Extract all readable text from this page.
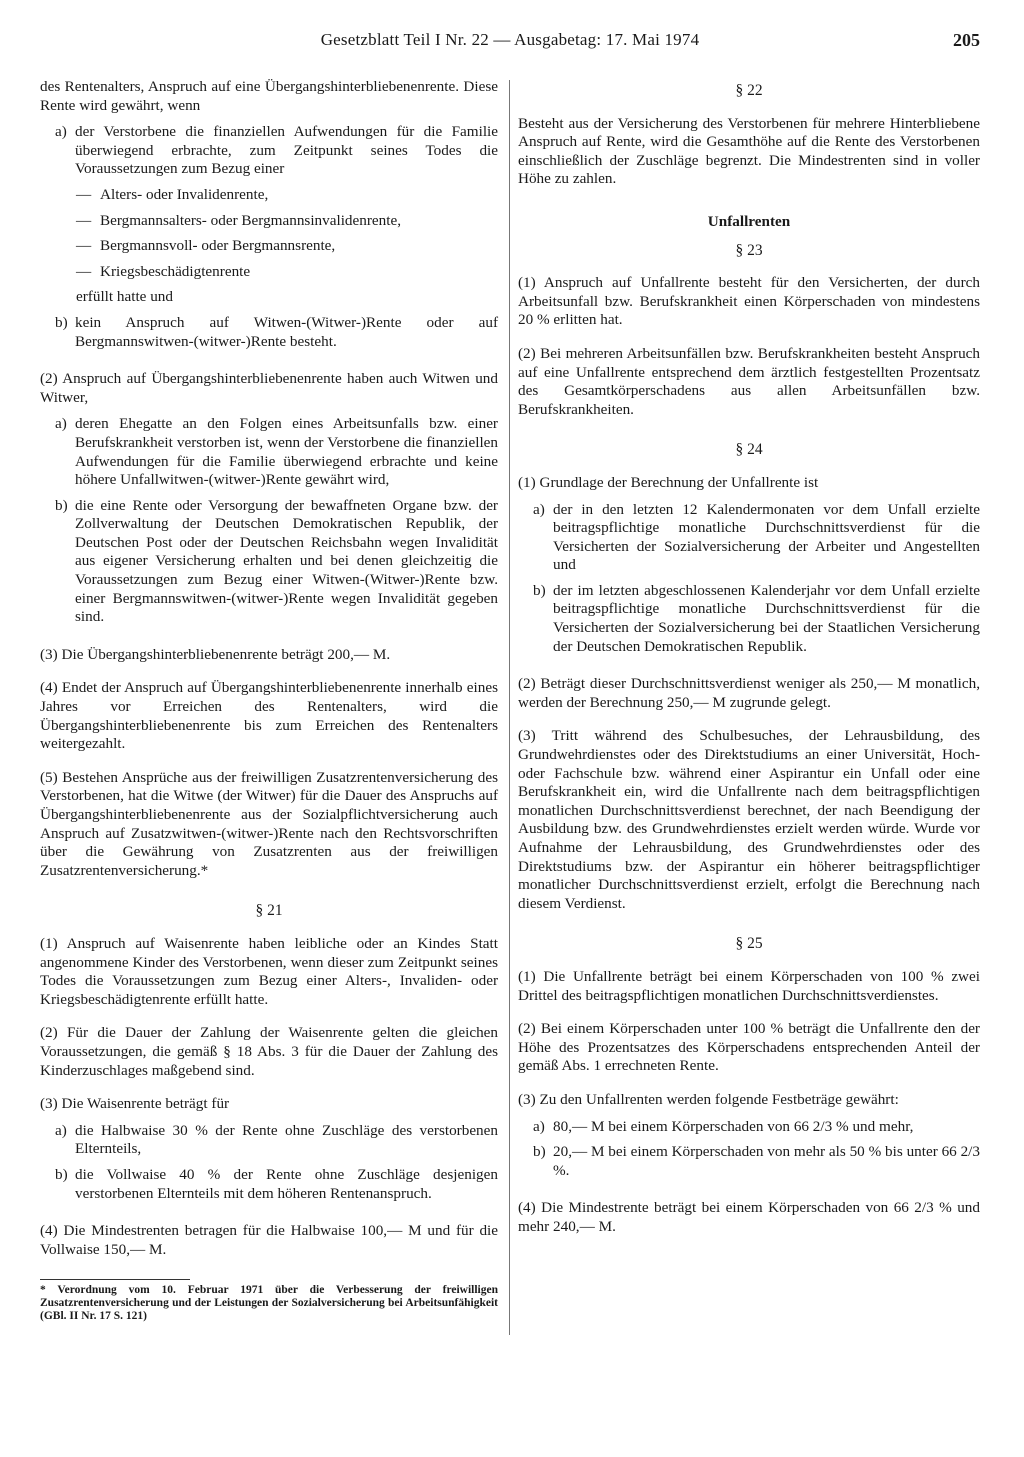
Gesetzblatt Teil I Nr. 22 — Ausgabetag: 17. Mai 1974	205

des Rentenalters, Anspruch auf eine Übergangshinterbliebenenrente. Diese Rente wird gewährt, wenn

a) der Verstorbene die finanziellen Aufwendungen für die Familie überwiegend erbrachte, zum Zeitpunkt seines Todes die Voraussetzungen zum Bezug einer
— Alters- oder Invalidenrente,
— Bergmannsalters- oder Bergmannsinvalidenrente,
— Bergmannsvoll- oder Bergmannsrente,
— Kriegsbeschädigtenrente
erfüllt hatte und
b) kein Anspruch auf Witwen-(Witwer-)Rente oder auf Bergmannswitwen-(witwer-)Rente besteht.

(2) Anspruch auf Übergangshinterbliebenenrente haben auch Witwen und Witwer,

a) deren Ehegatte an den Folgen eines Arbeitsunfalls bzw. einer Berufskrankheit verstorben ist, wenn der Verstorbene die finanziellen Aufwendungen für die Familie überwiegend erbrachte und keine höhere Unfallwitwen-(witwer-)Rente gewährt wird,
b) die eine Rente oder Versorgung der bewaffneten Organe bzw. der Zollverwaltung der Deutschen Demokratischen Republik, der Deutschen Post oder der Deutschen Reichsbahn wegen Invalidität aus eigener Versicherung erhalten und bei denen gleichzeitig die Voraussetzungen zum Bezug einer Witwen-(Witwer-)Rente bzw. einer Bergmannswitwen-(witwer-)Rente wegen Invalidität gegeben sind.

(3) Die Übergangshinterbliebenenrente beträgt 200,— M.

(4) Endet der Anspruch auf Übergangshinterbliebenenrente innerhalb eines Jahres vor Erreichen des Rentenalters, wird die Übergangshinterbliebenenrente bis zum Erreichen des Rentenalters weitergezahlt.

(5) Bestehen Ansprüche aus der freiwilligen Zusatzrentenversicherung des Verstorbenen, hat die Witwe (der Witwer) für die Dauer des Anspruchs auf Übergangshinterbliebenenrente aus der Sozialpflichtversicherung auch Anspruch auf Zusatzwitwen-(witwer-)Rente nach den Rechtsvorschriften über die Gewährung von Zusatzrenten aus der freiwilligen Zusatzrentenversicherung.*

§ 21

(1) Anspruch auf Waisenrente haben leibliche oder an Kindes Statt angenommene Kinder des Verstorbenen, wenn dieser zum Zeitpunkt seines Todes die Voraussetzungen zum Bezug einer Alters-, Invaliden- oder Kriegsbeschädigtenrente erfüllt hatte.

(2) Für die Dauer der Zahlung der Waisenrente gelten die gleichen Voraussetzungen, die gemäß § 18 Abs. 3 für die Dauer der Zahlung des Kinderzuschlages maßgebend sind.

(3) Die Waisenrente beträgt für

a) die Halbwaise 30 % der Rente ohne Zuschläge des verstorbenen Elternteils,
b) die Vollwaise 40 % der Rente ohne Zuschläge desjenigen verstorbenen Elternteils mit dem höheren Rentenanspruch.

(4) Die Mindestrenten betragen für die Halbwaise 100,— M und für die Vollwaise 150,— M.

* Verordnung vom 10. Februar 1971 über die Verbesserung der freiwilligen Zusatzrentenversicherung und der Leistungen der Sozialversicherung bei Arbeitsunfähigkeit (GBl. II Nr. 17 S. 121)
§ 22

Besteht aus der Versicherung des Verstorbenen für mehrere Hinterbliebene Anspruch auf Rente, wird die Gesamthöhe auf die Rente des Verstorbenen einschließlich der Zuschläge begrenzt. Die Mindestrenten sind in voller Höhe zu zahlen.

Unfallrenten
§ 23

(1) Anspruch auf Unfallrente besteht für den Versicherten, der durch Arbeitsunfall bzw. Berufskrankheit einen Körperschaden von mindestens 20 % erlitten hat.

(2) Bei mehreren Arbeitsunfällen bzw. Berufskrankheiten besteht Anspruch auf eine Unfallrente entsprechend dem ärztlich festgestellten Prozentsatz des Gesamtkörperschadens aus allen Arbeitsunfällen bzw. Berufskrankheiten.

§ 24

(1) Grundlage der Berechnung der Unfallrente ist

a) der in den letzten 12 Kalendermonaten vor dem Unfall erzielte beitragspflichtige monatliche Durchschnittsverdienst für die Versicherten der Sozialversicherung der Arbeiter und Angestellten und
b) der im letzten abgeschlossenen Kalenderjahr vor dem Unfall erzielte beitragspflichtige monatliche Durchschnittsverdienst für die Versicherten der Sozialversicherung bei der Staatlichen Versicherung der Deutschen Demokratischen Republik.

(2) Beträgt dieser Durchschnittsverdienst weniger als 250,— M monatlich, werden der Berechnung 250,— M zugrunde gelegt.

(3) Tritt während des Schulbesuches, der Lehrausbildung, des Grundwehrdienstes oder des Direktstudiums an einer Universität, Hoch- oder Fachschule bzw. während einer Aspirantur ein Unfall oder eine Berufskrankheit ein, wird die Unfallrente nach dem beitragspflichtigen monatlichen Durchschnittsverdienst berechnet, der nach Beendigung der Ausbildung bzw. des Grundwehrdienstes erzielt werden würde. Wurde vor Aufnahme der Lehrausbildung, des Grundwehrdienstes oder des Direktstudiums bzw. der Aspirantur ein höherer beitragspflichtiger monatlicher Durchschnittsverdienst erzielt, erfolgt die Berechnung nach diesem Verdienst.

§ 25

(1) Die Unfallrente beträgt bei einem Körperschaden von 100 % zwei Drittel des beitragspflichtigen monatlichen Durchschnittsverdienstes.

(2) Bei einem Körperschaden unter 100 % beträgt die Unfallrente den der Höhe des Prozentsatzes des Körperschadens entsprechenden Anteil der gemäß Abs. 1 errechneten Rente.

(3) Zu den Unfallrenten werden folgende Festbeträge gewährt:

a) 80,— M bei einem Körperschaden von 66 2/3 % und mehr,
b) 20,— M bei einem Körperschaden von mehr als 50 % bis unter 66 2/3 %.

(4) Die Mindestrente beträgt bei einem Körperschaden von 66 2/3 % und mehr 240,— M.
